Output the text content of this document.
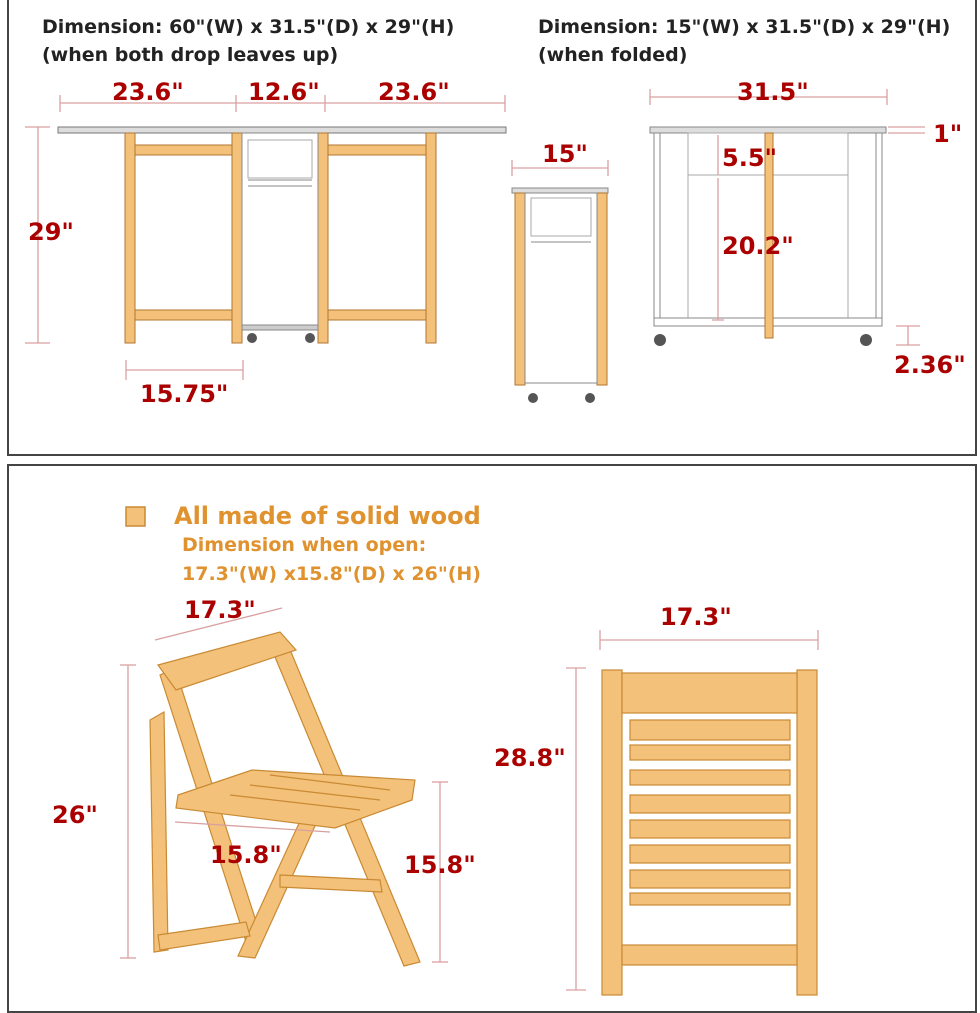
Dimension: 60"(W) x 31.5"(D) x 29"(H)
(when both drop leaves up)
Dimension: 15"(W) x 31.5"(D) x 29"(H)
(when folded)
23.6"	12.6" 23.6"
29"
15.75"
15"
31.5"
1"
5.5"
20.2"
2.36"
All made of solid wood
Dimension when open:
17.3"(W) x15.8"(D) x 26"(H)
17.3"
26"
15.8"	15.8"
17.3"
28.8"
